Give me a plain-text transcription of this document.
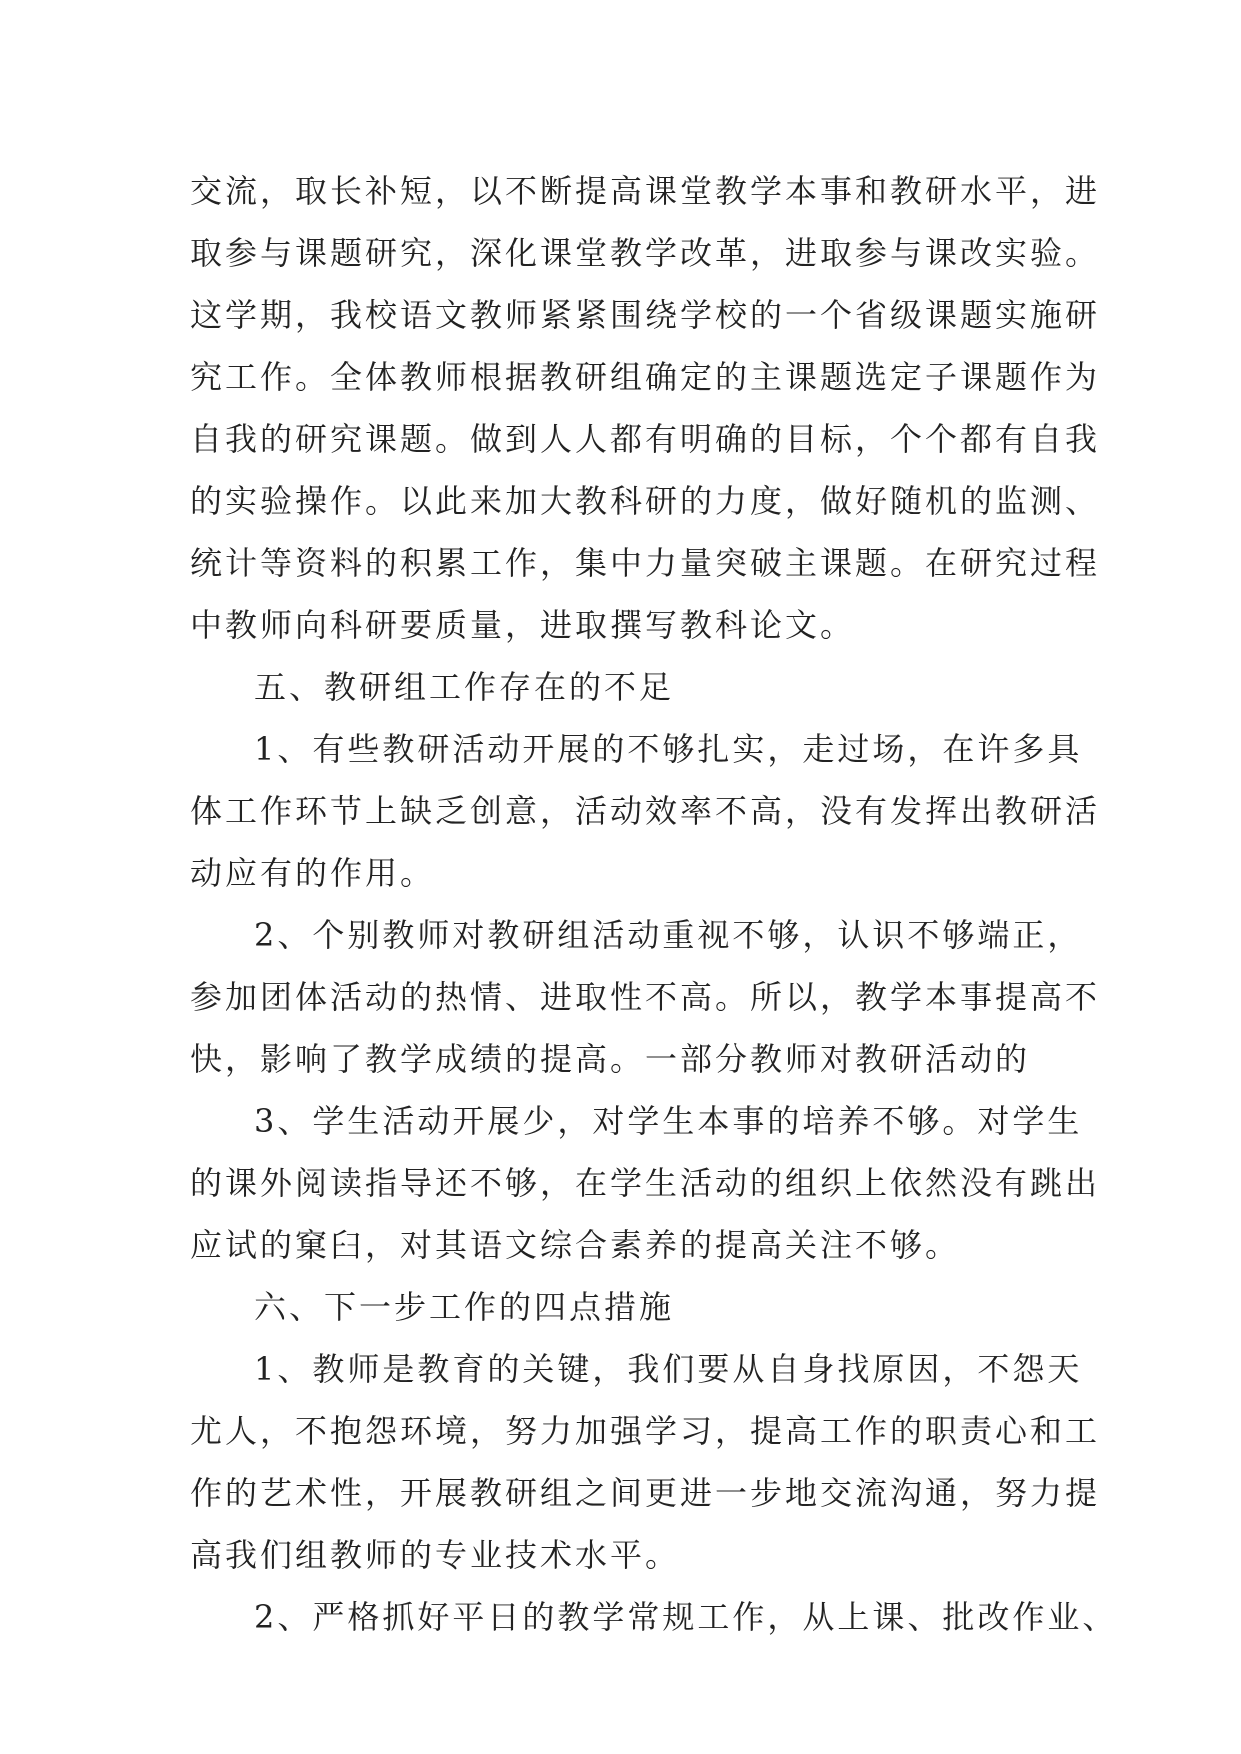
交流，取长补短，以不断提高课堂教学本事和教研水平，进
取参与课题研究，深化课堂教学改革，进取参与课改实验。
这学期，我校语文教师紧紧围绕学校的一个省级课题实施研
究工作。全体教师根据教研组确定的主课题选定子课题作为
自我的研究课题。做到人人都有明确的目标，个个都有自我
的实验操作。以此来加大教科研的力度，做好随机的监测、
统计等资料的积累工作，集中力量突破主课题。在研究过程
中教师向科研要质量，进取撰写教科论文。
五、教研组工作存在的不足
1、有些教研活动开展的不够扎实，走过场，在许多具
体工作环节上缺乏创意，活动效率不高，没有发挥出教研活
动应有的作用。
2、个别教师对教研组活动重视不够，认识不够端正，
参加团体活动的热情、进取性不高。所以，教学本事提高不
快，影响了教学成绩的提高。一部分教师对教研活动的
3、学生活动开展少，对学生本事的培养不够。对学生
的课外阅读指导还不够，在学生活动的组织上依然没有跳出
应试的窠臼，对其语文综合素养的提高关注不够。
六、下一步工作的四点措施
1、教师是教育的关键，我们要从自身找原因，不怨天
尤人，不抱怨环境，努力加强学习，提高工作的职责心和工
作的艺术性，开展教研组之间更进一步地交流沟通，努力提
高我们组教师的专业技术水平。
2、严格抓好平日的教学常规工作，从上课、批改作业、
